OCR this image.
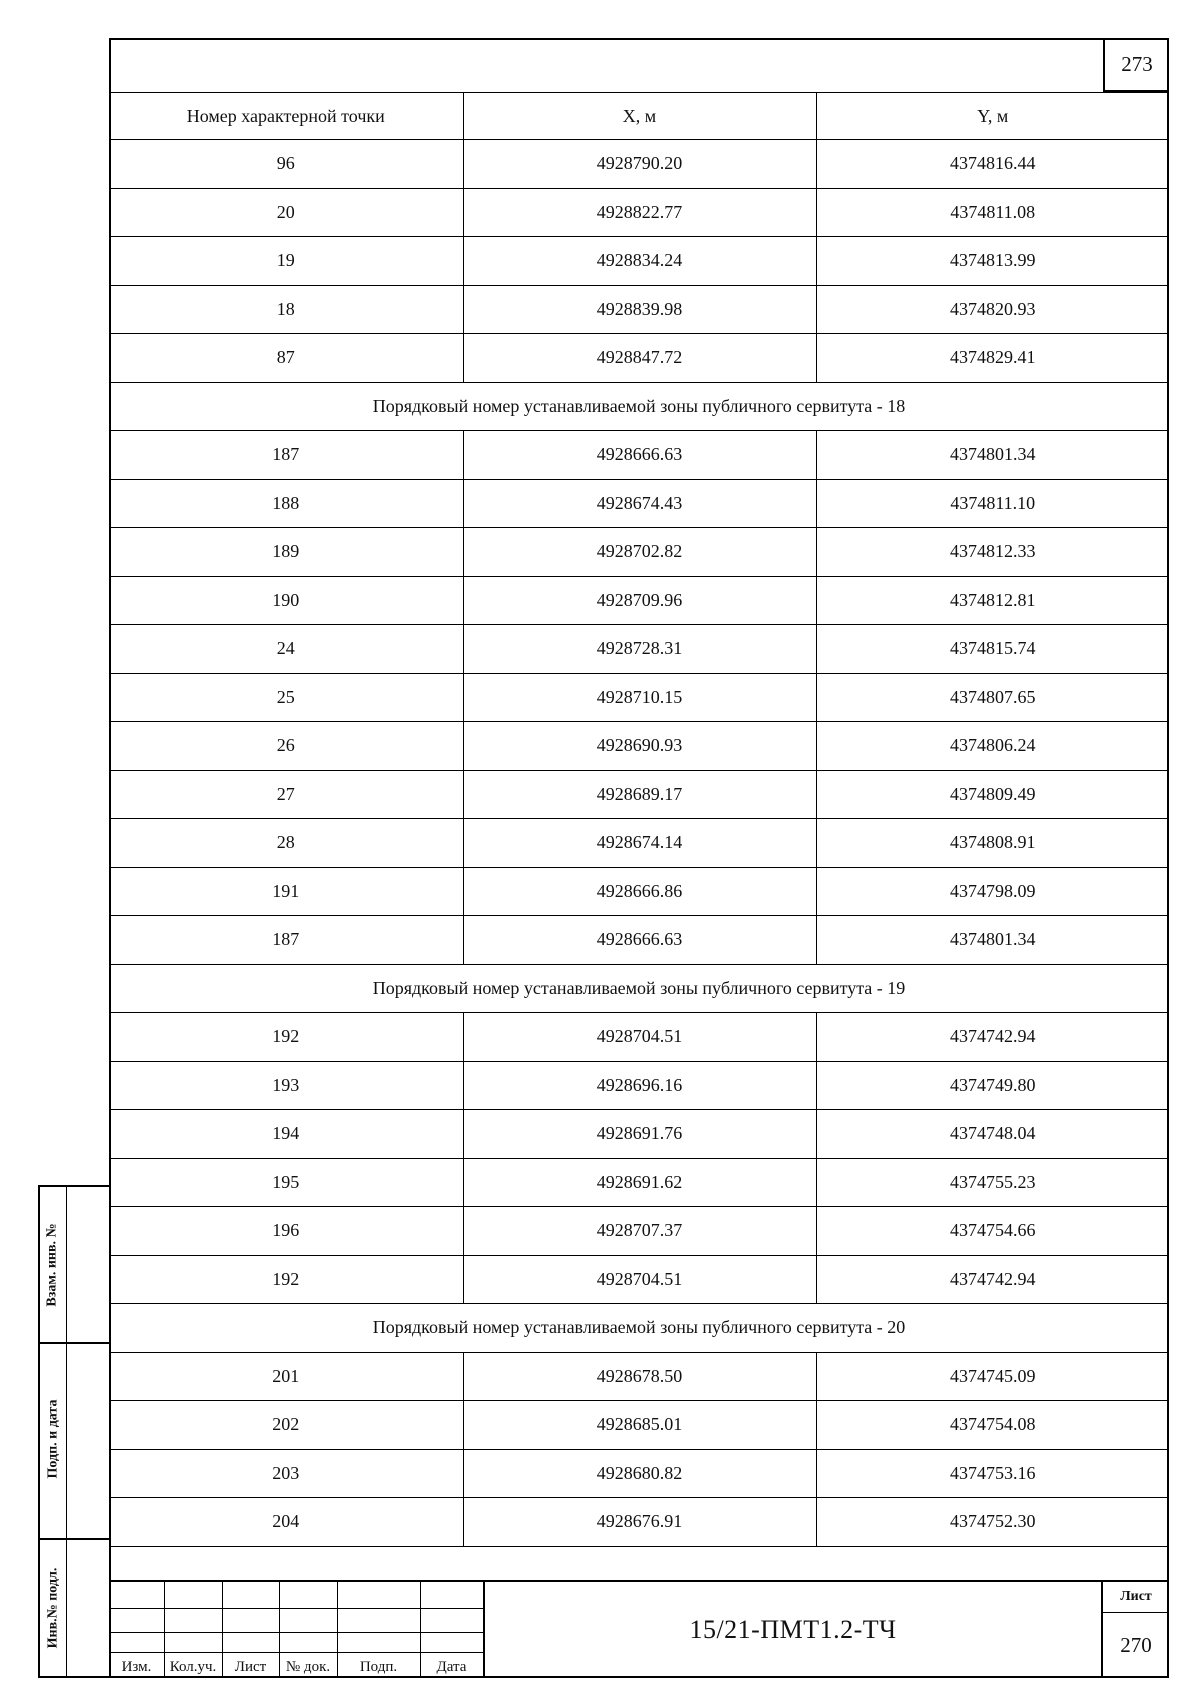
273
Номер характерной точки	X, м	Y, м
96	4928790.20	4374816.44
20	4928822.77	4374811.08
19	4928834.24	4374813.99
18	4928839.98	4374820.93
87	4928847.72	4374829.41
Порядковый номер устанавливаемой зоны публичного сервитута - 18		
187	4928666.63	4374801.34
188	4928674.43	4374811.10
189	4928702.82	4374812.33
190	4928709.96	4374812.81
24	4928728.31	4374815.74
25	4928710.15	4374807.65
26	4928690.93	4374806.24
27	4928689.17	4374809.49
28	4928674.14	4374808.91
191	4928666.86	4374798.09
187	4928666.63	4374801.34
Порядковый номер устанавливаемой зоны публичного сервитута - 19		
192	4928704.51	4374742.94
193	4928696.16	4374749.80
194	4928691.76	4374748.04
195	4928691.62	4374755.23
196	4928707.37	4374754.66
192	4928704.51	4374742.94
Порядковый номер устанавливаемой зоны публичного сервитута - 20		
201	4928678.50	4374745.09
202	4928685.01	4374754.08
203	4928680.82	4374753.16
204	4928676.91	4374752.30
Взам. инв. №
Подп. и дата
Инв.№ подл.
Изм.	Кол.уч.	Лист	№ док.	Подп.	Дата
15/21-ПМТ1.2-ТЧ
Лист
270
